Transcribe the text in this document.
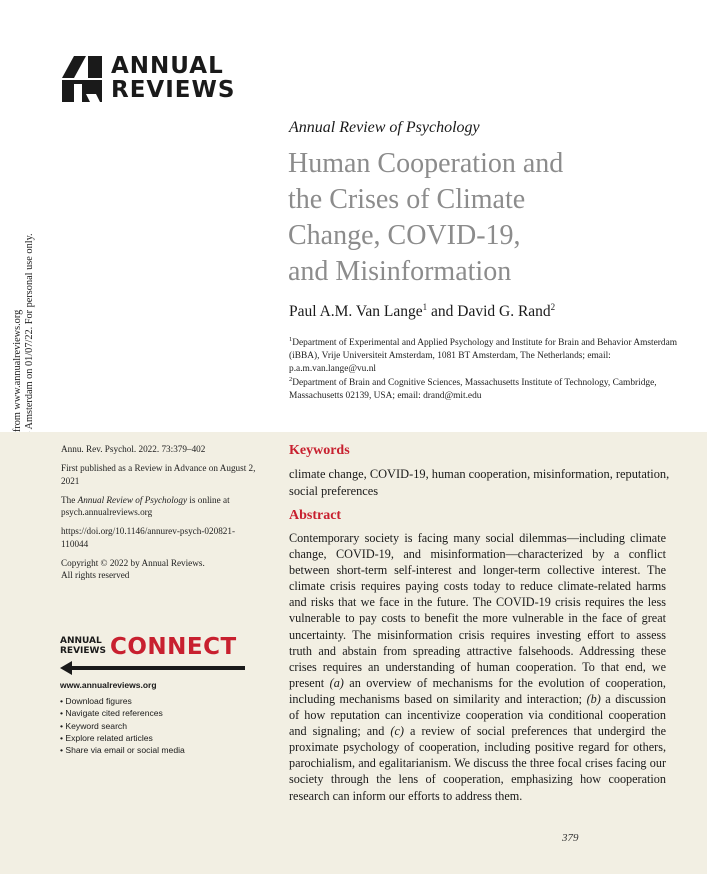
ANNUAL
REVIEWS
Annual Review of Psychology
Human Cooperation and
the Crises of Climate
Change, COVID-19,
and Misinformation
Paul A.M. Van Lange$^1$ and David G. Rand$^2$
$^1$Department of Experimental and Applied Psychology and Institute for Brain and Behavior Amsterdam (iBBA), Vrije Universiteit Amsterdam, 1081 BT Amsterdam, The Netherlands; email: p.a.m.van.lange@vu.nl
$^2$Department of Brain and Cognitive Sciences, Massachusetts Institute of Technology, Cambridge, Massachusetts 02139, USA; email: drand@mit.edu

Annu. Rev. Psychol. 2022. 73:379–402

First published as a Review in Advance on August 2, 2021

The Annual Review of Psychology is online at psych.annualreviews.org

https://doi.org/10.1146/annurev-psych-020821-110044

Copyright © 2022 by Annual Reviews.
All rights reserved

ANNUAL
REVIEWS CONNECT
www.annualreviews.org
• Download figures
• Navigate cited references
• Keyword search
• Explore related articles
• Share via email or social media
Keywords
climate change, COVID-19, human cooperation, misinformation, reputation, social preferences
Abstract
Contemporary society is facing many social dilemmas—including climate change, COVID-19, and misinformation—characterized by a conflict between short-term self-interest and longer-term collective interest. The climate crisis requires paying costs today to reduce climate-related harms and risks that we face in the future. The COVID-19 crisis requires the less vulnerable to pay costs to benefit the more vulnerable in the face of great uncertainty. The misinformation crisis requires investing effort to assess truth and abstain from spreading attractive falsehoods. Addressing these crises requires an understanding of human cooperation. To that end, we present (a) an overview of mechanisms for the evolution of cooperation, including mechanisms based on similarity and interaction; (b) a discussion of how reputation can incentivize cooperation via conditional cooperation and signaling; and (c) a review of social preferences that undergird the proximate psychology of cooperation, including positive regard for others, parochialism, and egalitarianism. We discuss the three focal crises facing our society through the lens of cooperation, emphasizing how cooperation research can inform our efforts to address them.
379
